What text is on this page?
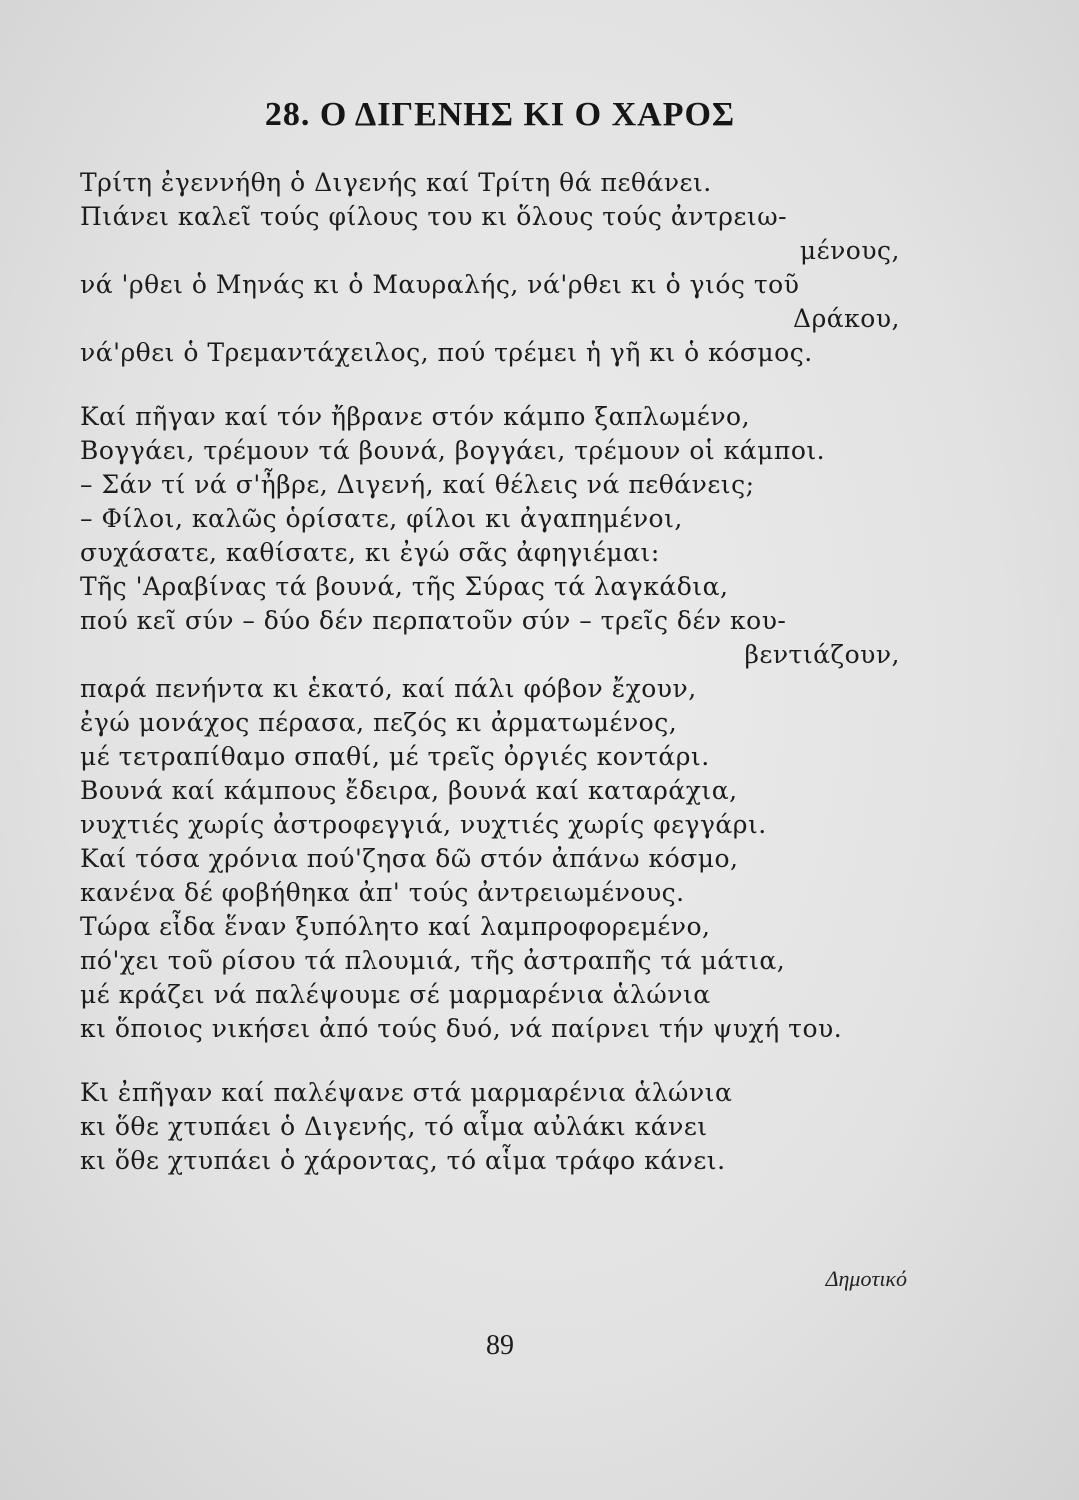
28. Ο ΔΙΓΕΝΗΣ ΚΙ Ο ΧΑΡΟΣ
Τρίτη ἐγεννήθη ὁ Διγενής καί Τρίτη θά πεθάνει.
Πιάνει καλεῖ τούς φίλους του κι ὅλους τούς ἀντρειω-
μένους,
νά 'ρθει ὁ Μηνάς κι ὁ Μαυραλής, νά'ρθει κι ὁ γιός τοῦ
Δράκου,
νά'ρθει ὁ Τρεμαντάχειλος, πού τρέμει ἡ γῆ κι ὁ κόσμος.
Καί πῆγαν καί τόν ἤβρανε στόν κάμπο ξαπλωμένο,
Βογγάει, τρέμουν τά βουνά, βογγάει, τρέμουν οἱ κάμποι.
– Σάν τί νά σ'ἦβρε, Διγενή, καί θέλεις νά πεθάνεις;
– Φίλοι, καλῶς ὁρίσατε, φίλοι κι ἀγαπημένοι,
συχάσατε, καθίσατε, κι ἐγώ σᾶς ἀφηγιέμαι:
Τῆς 'Αραβίνας τά βουνά, τῆς Σύρας τά λαγκάδια,
πού κεῖ σύν – δύο δέν περπατοῦν σύν – τρεῖς δέν κου-
βεντιάζουν,
παρά πενήντα κι ἑκατό, καί πάλι φόβον ἔχουν,
ἐγώ μονάχος πέρασα, πεζός κι ἀρματωμένος,
μέ τετραπίθαμο σπαθί, μέ τρεῖς ὀργιές κοντάρι.
Βουνά καί κάμπους ἔδειρα, βουνά καί καταράχια,
νυχτιές χωρίς ἀστροφεγγιά, νυχτιές χωρίς φεγγάρι.
Καί τόσα χρόνια πού'ζησα δῶ στόν ἀπάνω κόσμο,
κανένα δέ φοβήθηκα ἀπ' τούς ἀντρειωμένους.
Τώρα εἶδα ἕναν ξυπόλητο καί λαμπροφορεμένο,
πό'χει τοῦ ρίσου τά πλουμιά, τῆς ἀστραπῆς τά μάτια,
μέ κράζει νά παλέψουμε σέ μαρμαρένια ἁλώνια
κι ὅποιος νικήσει ἀπό τούς δυό, νά παίρνει τήν ψυχή του.
Κι ἐπῆγαν καί παλέψανε στά μαρμαρένια ἁλώνια
κι ὅθε χτυπάει ὁ Διγενής, τό αἷμα αὐλάκι κάνει
κι ὅθε χτυπάει ὁ χάροντας, τό αἷμα τράφο κάνει.
Δημοτικό
89
